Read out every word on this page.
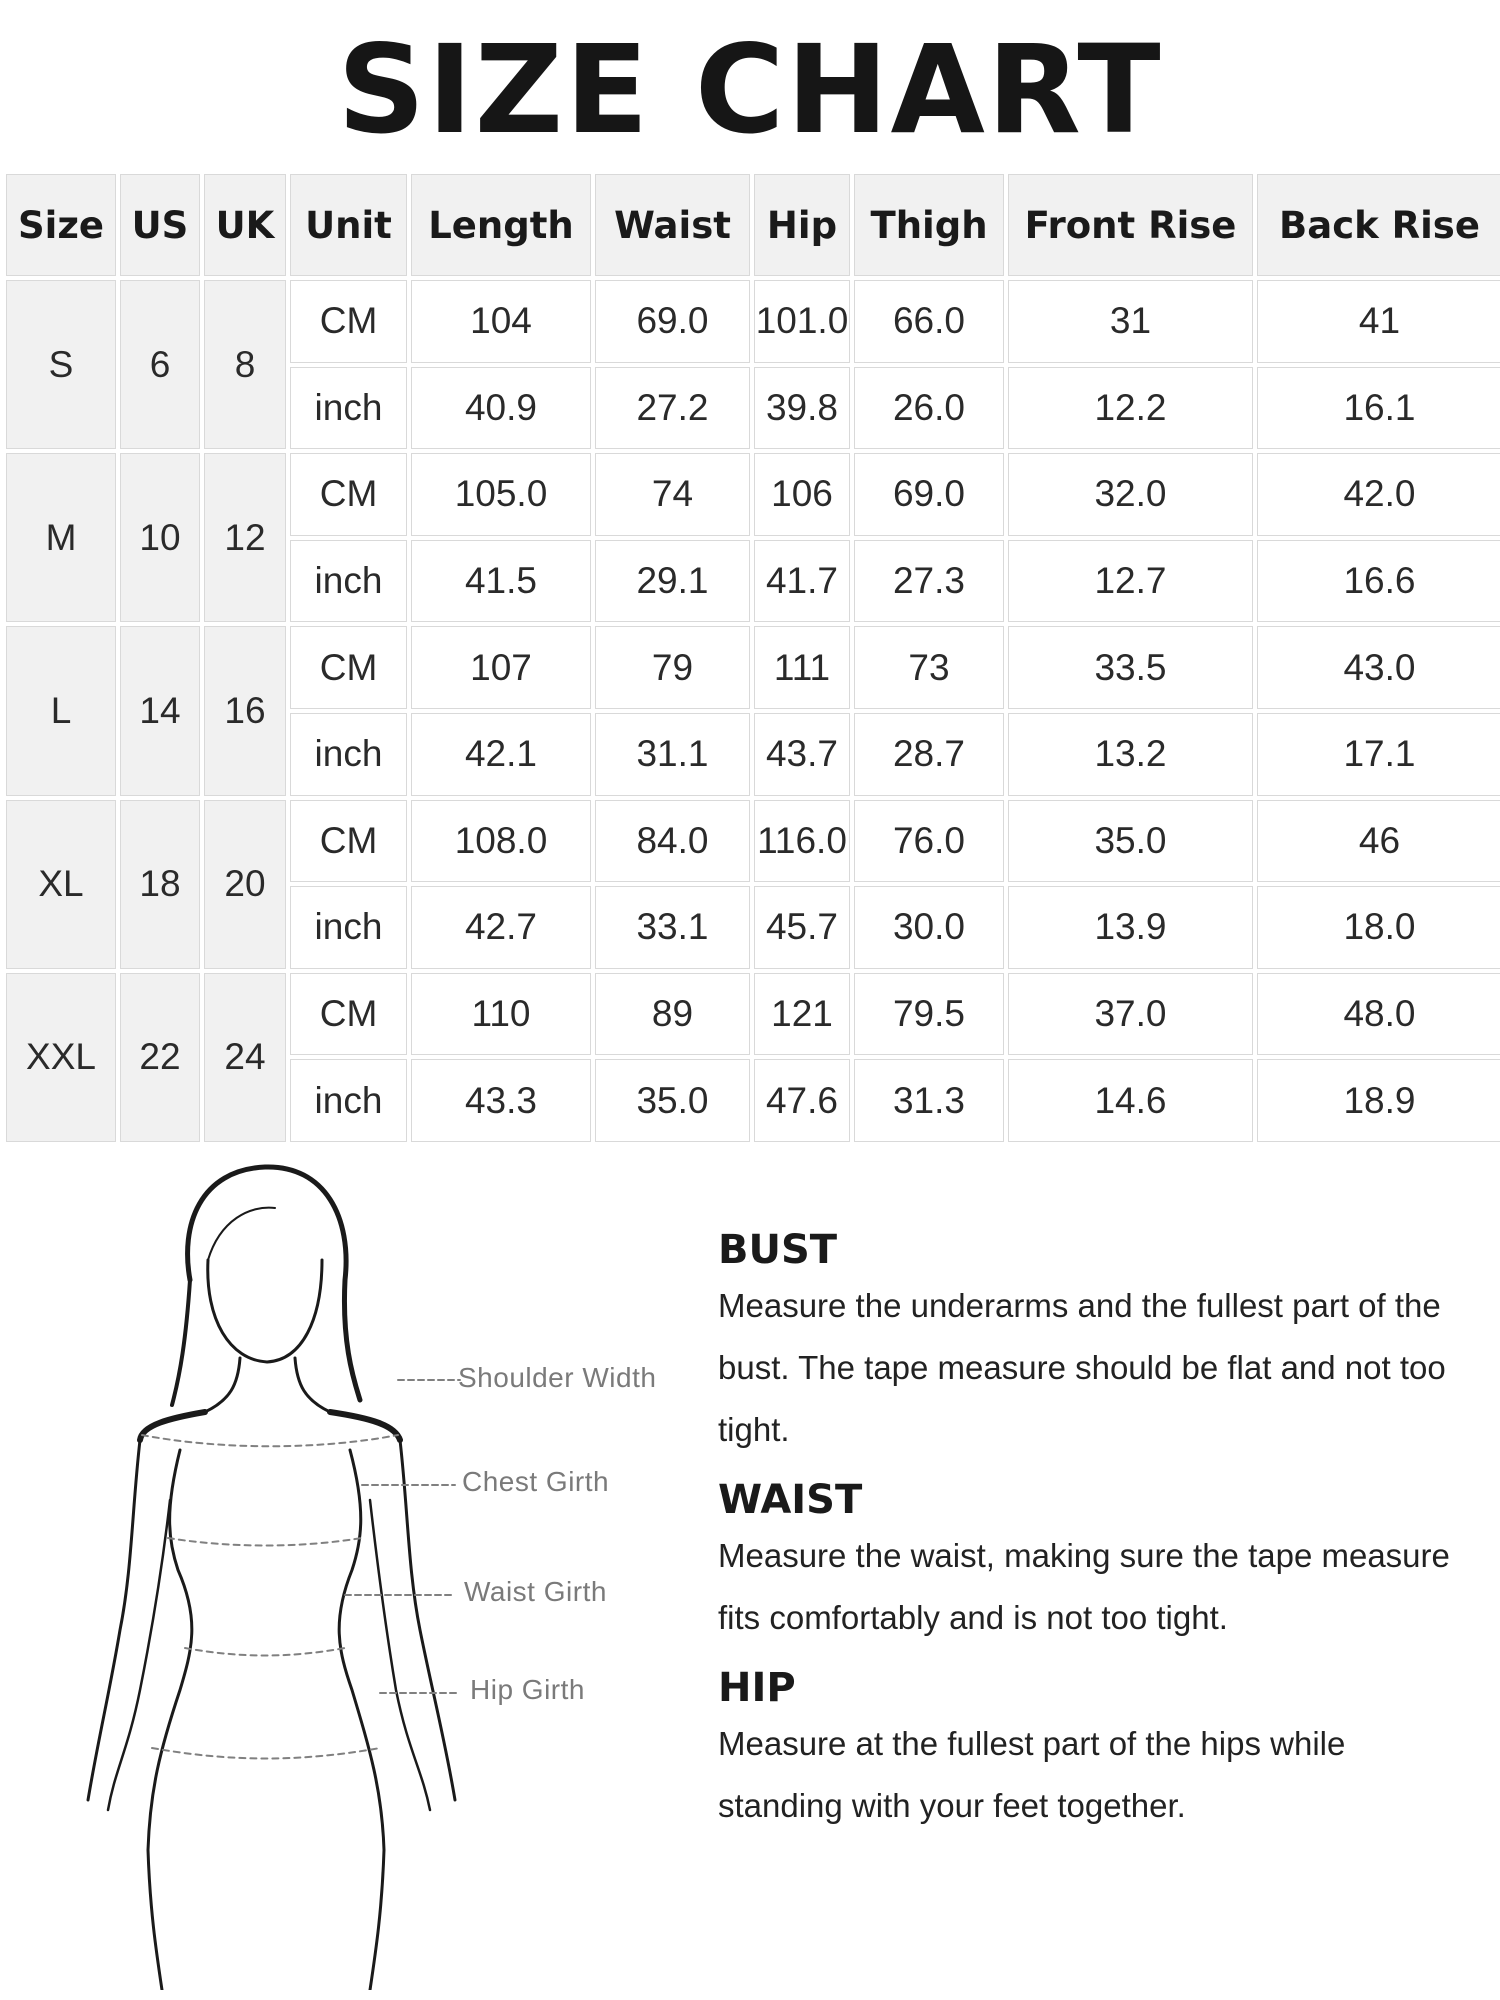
SIZE CHART
Size	US	UK	Unit	Length	Waist	Hip	Thigh	Front Rise	Back Rise
S	6	8	CM	104	69.0	101.0	66.0	31	41
			inch	40.9	27.2	39.8	26.0	12.2	16.1
M	10	12	CM	105.0	74	106	69.0	32.0	42.0
			inch	41.5	29.1	41.7	27.3	12.7	16.6
L	14	16	CM	107	79	111	73	33.5	43.0
			inch	42.1	31.1	43.7	28.7	13.2	17.1
XL	18	20	CM	108.0	84.0	116.0	76.0	35.0	46
			inch	42.7	33.1	45.7	30.0	13.9	18.0
XXL	22	24	CM	110	89	121	79.5	37.0	48.0
			inch	43.3	35.0	47.6	31.3	14.6	18.9
Shoulder Width
Chest Girth
Waist Girth
Hip Girth
BUST

Measure the underarms and the fullest part of the bust. The tape measure should be flat and not too tight.

WAIST

Measure the waist, making sure the tape measure fits comfortably and is not too tight.

HIP

Measure at the fullest part of the hips while standing with your feet together.
